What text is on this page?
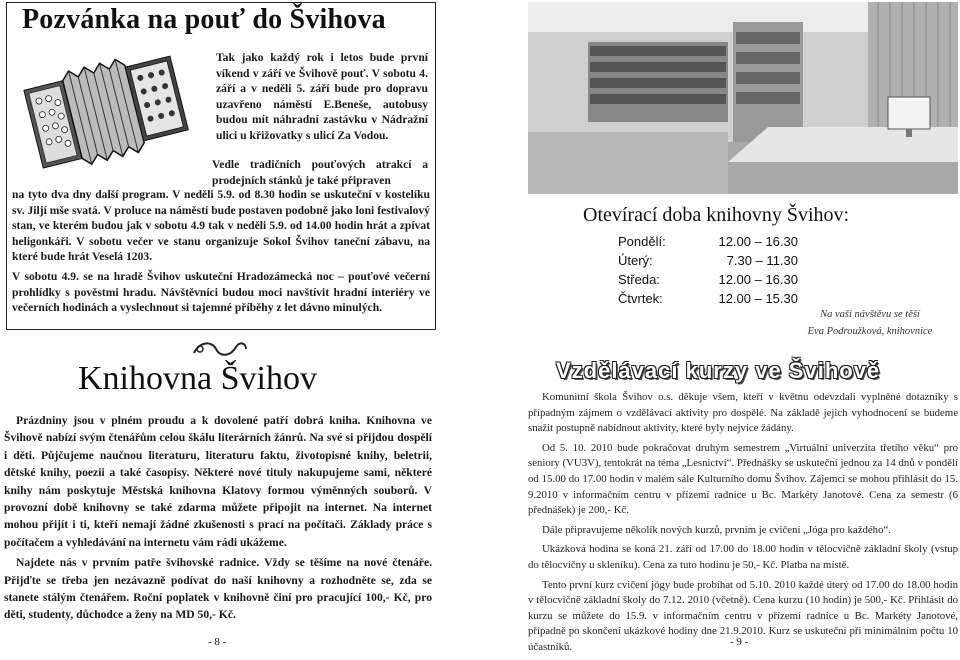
Pozvánka na pouť do Švihova

Tak jako každý rok i letos bude první víkend v září ve Švihově pouť. V sobotu 4. září a v neděli 5. září bude pro dopravu uzavřeno náměstí E.Beneše, autobusy budou mít náhradní zastávku v Nádražní ulici u křižovatky s ulicí Za Vodou.

Vedle tradičních pouťových atrakcí a prodejních stánků je také připraven

na tyto dva dny další program. V neděli 5.9. od 8.30 hodin se uskuteční v kostelíku sv. Jiljí mše svatá. V proluce na náměstí bude postaven podobně jako loni festivalový stan, ve kterém budou jak v sobotu 4.9 tak v neděli 5.9. od 14.00 hodin hrát a zpívat heligonkáři. V sobotu večer ve stanu organizuje Sokol Švihov taneční zábavu, na které bude hrát Veselá 1203.

V sobotu 4.9. se na hradě Švihov uskuteční Hradozámecká noc – pouťové večerní prohlídky s pověstmi hradu. Návštěvníci budou moci navštívit hradní interiéry ve večerních hodinách a vyslechnout si tajemné příběhy z let dávno minulých.

Knihovna Švihov

Prázdniny jsou v plném proudu a k dovolené patří dobrá kniha. Knihovna ve Švihově nabízí svým čtenářům celou škálu literárních žánrů. Na své si přijdou dospělí i děti. Půjčujeme naučnou literaturu, literaturu faktu, životopisné knihy, beletrii, dětské knihy, poezii a také časopisy. Některé nové tituly nakupujeme sami, některé knihy nám poskytuje Městská knihovna Klatovy formou výměnných souborů. V provozní době knihovny se také zdarma můžete připojit na internet. Na internet mohou přijít i ti, kteří nemají žádné zkušenosti s prací na počítači. Základy práce s počítačem a vyhledávání na internetu vám rádi ukážeme.

Najdete nás v prvním patře švihovské radnice. Vždy se těšíme na nové čtenáře. Přijďte se třeba jen nezávazně podívat do naší knihovny a rozhodněte se, zda se stanete stálým čtenářem. Roční poplatek v knihovně činí pro pracující 100,- Kč, pro děti, studenty, důchodce a ženy na MD 50,- Kč.

- 8 -
Otevírací doba knihovny Švihov:
Pondělí:	12.00 – 16.30
Úterý:	7.30 – 11.30
Středa:	12.00 – 16.30
Čtvrtek:	12.00 – 15.30
Na vaši návštěvu se těší
Eva Podroužková, knihovnice
Vzdělávací kurzy ve Švihově

Komunitní škola Švihov o.s. děkuje všem, kteří v květnu odevzdali vyplněné dotazníky s případným zájmem o vzdělávací aktivity pro dospělé. Na základě jejich vyhodnocení se budeme snažit postupně nabídnout aktivity, které byly nejvíce žádány.

Od 5. 10. 2010 bude pokračovat druhým semestrem „Virtuální univerzita třetího věku“ pro seniory (VU3V), tentokrát na téma „Lesnictví“. Přednášky se uskuteční jednou za 14 dnů v pondělí od 15.00 do 17.00 hodin v malém sále Kulturního domu Švihov. Zájemci se mohou přihlásit do 15. 9.2010 v informačním centru v přízemí radnice u Bc. Markéty Janotové. Cena za semestr (6 přednášek) je 200,- Kč.

Dále připravujeme několik nových kurzů, prvním je cvičení „Jóga pro každého“.

Ukázková hodina se koná 21. září od 17.00 do 18.00 hodin v tělocvičně základní školy (vstup do tělocvičny u skleníku). Cena za tuto hodinu je 50,- Kč. Platba na místě.

Tento první kurz cvičení jógy bude probíhat od 5.10. 2010 každé úterý od 17.00 do 18.00 hodin v tělocvičně základní školy do 7.12. 2010 (včetně). Cena kurzu (10 hodin) je 500,- Kč. Přihlásit do kurzu se můžete do 15.9. v informačním centru v přízemí radnice u Bc. Markéty Janotové, případně po skončení ukázkové hodiny dne 21.9.2010. Kurz se uskuteční při minimálním počtu 10 účastníků.	- 9 -
